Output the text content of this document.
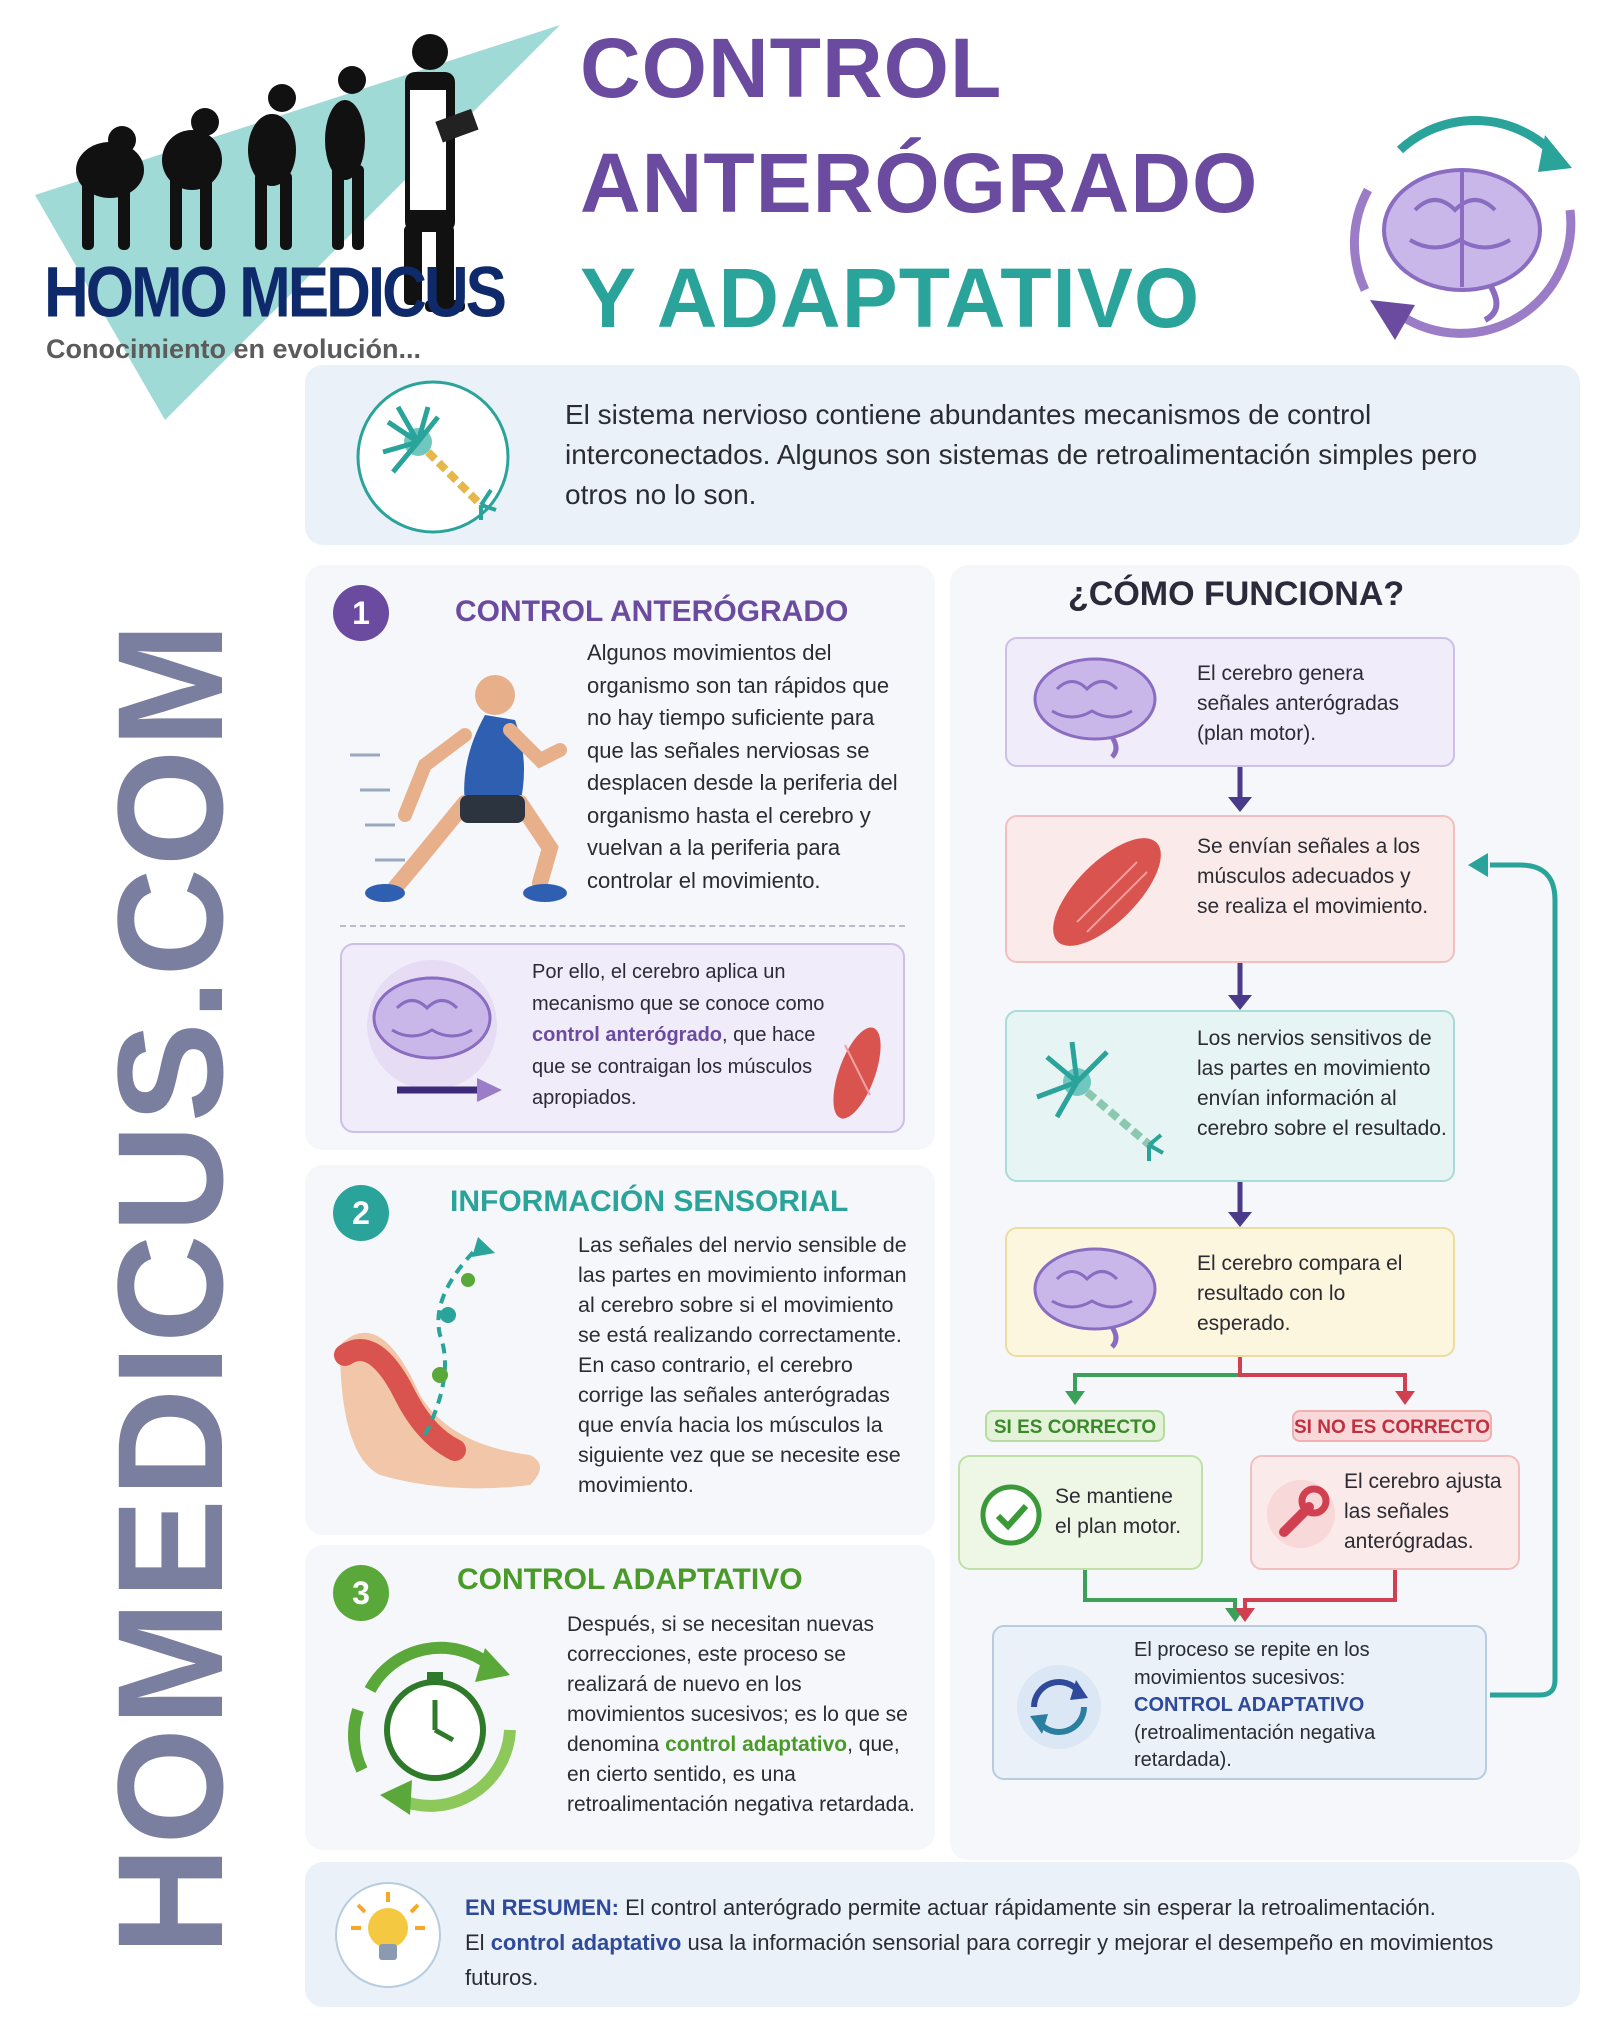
HOMO MEDICUS
Conocimiento en evolución...
CONTROL
ANTERÓGRADO
Y ADAPTATIVO
HOMEDICUS.COM
El sistema nervioso contiene abundantes mecanismos de control interconectados. Algunos son sistemas de retroalimentación simples pero otros no lo son.
1	CONTROL ANTERÓGRADO
Algunos movimientos del organismo son tan rápidos que no hay tiempo suficiente para que las señales nerviosas se desplacen desde la periferia del organismo hasta el cerebro y vuelvan a la periferia para controlar el movimiento.
Por ello, el cerebro aplica un mecanismo que se conoce como control anterógrado, que hace que se contraigan los músculos apropiados.
2	INFORMACIÓN SENSORIAL
Las señales del nervio sensible de las partes en movimiento informan al cerebro sobre si el movimiento se está realizando correctamente.
En caso contrario, el cerebro corrige las señales anterógradas que envía hacia los músculos la siguiente vez que se necesite ese movimiento.
3	CONTROL ADAPTATIVO
Después, si se necesitan nuevas correcciones, este proceso se realizará de nuevo en los movimientos sucesivos; es lo que se denomina control adaptativo, que, en cierto sentido, es una retroalimentación negativa retardada.
¿CÓMO FUNCIONA?
El cerebro genera señales anterógradas (plan motor).
Se envían señales a los músculos adecuados y se realiza el movimiento.
Los nervios sensitivos de las partes en movimiento envían información al cerebro sobre el resultado.
El cerebro compara el resultado con lo esperado.
SI ES CORRECTO	SI NO ES CORRECTO
Se mantiene el plan motor.
El cerebro ajusta las señales anterógradas.
El proceso se repite en los movimientos sucesivos:
CONTROL ADAPTATIVO
(retroalimentación negativa retardada).
EN RESUMEN: El control anterógrado permite actuar rápidamente sin esperar la retroalimentación.
El control adaptativo usa la información sensorial para corregir y mejorar el desempeño en movimientos futuros.
